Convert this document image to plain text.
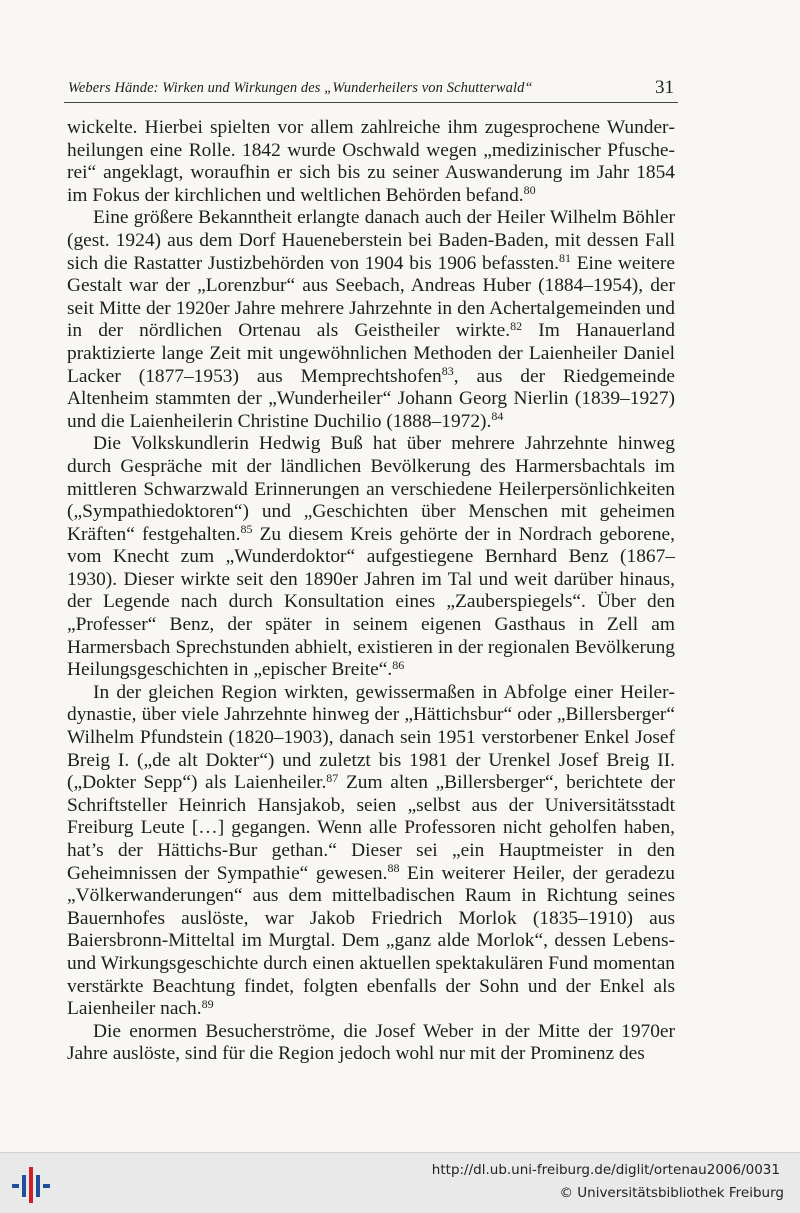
Webers Hände: Wirken und Wirkungen des „Wunderheilers von Schutterwald“	31

wickelte. Hierbei spielten vor allem zahlreiche ihm zugesprochene Wunderheilungen eine Rolle. 1842 wurde Oschwald wegen „medizinischer Pfuscherei“ angeklagt, woraufhin er sich bis zu seiner Auswanderung im Jahr 1854 im Fokus der kirchlichen und weltlichen Behörden befand.$^{80}$

Eine größere Bekanntheit erlangte danach auch der Heiler Wilhelm Böhler (gest. 1924) aus dem Dorf Haueneberstein bei Baden-Baden, mit dessen Fall sich die Rastatter Justizbehörden von 1904 bis 1906 befassten.$^{81}$ Eine weitere Gestalt war der „Lorenzbur“ aus Seebach, Andreas Huber (1884–1954), der seit Mitte der 1920er Jahre mehrere Jahrzehnte in den Achertalgemeinden und in der nördlichen Ortenau als Geistheiler wirkte.$^{82}$ Im Hanauerland praktizierte lange Zeit mit ungewöhnlichen Methoden der Laienheiler Daniel Lacker (1877–1953) aus Memprechtshofen$^{83}$, aus der Riedgemeinde Altenheim stammten der „Wunderheiler“ Johann Georg Nierlin (1839–1927) und die Laienheilerin Christine Duchilio (1888–1972).$^{84}$

Die Volkskundlerin Hedwig Buß hat über mehrere Jahrzehnte hinweg durch Gespräche mit der ländlichen Bevölkerung des Harmersbachtals im mittleren Schwarzwald Erinnerungen an verschiedene Heilerpersönlichkeiten („Sympathiedoktoren“) und „Geschichten über Menschen mit geheimen Kräften“ festgehalten.$^{85}$ Zu diesem Kreis gehörte der in Nordrach geborene, vom Knecht zum „Wunderdoktor“ aufgestiegene Bernhard Benz (1867–1930). Dieser wirkte seit den 1890er Jahren im Tal und weit darüber hinaus, der Legende nach durch Konsultation eines „Zauberspiegels“. Über den „Professer“ Benz, der später in seinem eigenen Gasthaus in Zell am Harmersbach Sprechstunden abhielt, existieren in der regionalen Bevölkerung Heilungsgeschichten in „epischer Breite“.$^{86}$

In der gleichen Region wirkten, gewissermaßen in Abfolge einer Heilerdynastie, über viele Jahrzehnte hinweg der „Hättichsbur“ oder „Billersberger“ Wilhelm Pfundstein (1820–1903), danach sein 1951 verstorbener Enkel Josef Breig I. („de alt Dokter“) und zuletzt bis 1981 der Urenkel Josef Breig II. („Dokter Sepp“) als Laienheiler.$^{87}$ Zum alten „Billersberger“, berichtete der Schriftsteller Heinrich Hansjakob, seien „selbst aus der Universitätsstadt Freiburg Leute […] gegangen. Wenn alle Professoren nicht geholfen haben, hat’s der Hättichs-Bur gethan.“ Dieser sei „ein Hauptmeister in den Geheimnissen der Sympathie“ gewesen.$^{88}$ Ein weiterer Heiler, der geradezu „Völkerwanderungen“ aus dem mittelbadischen Raum in Richtung seines Bauernhofes auslöste, war Jakob Friedrich Morlok (1835–1910) aus Baiersbronn-Mitteltal im Murgtal. Dem „ganz alde Morlok“, dessen Lebens- und Wirkungsgeschichte durch einen aktuellen spektakulären Fund momentan verstärkte Beachtung findet, folgten ebenfalls der Sohn und der Enkel als Laienheiler nach.$^{89}$

Die enormen Besucherströme, die Josef Weber in der Mitte der 1970er Jahre auslöste, sind für die Region jedoch wohl nur mit der Prominenz des

http://dl.ub.uni-freiburg.de/diglit/ortenau2006/0031
© Universitätsbibliothek Freiburg
